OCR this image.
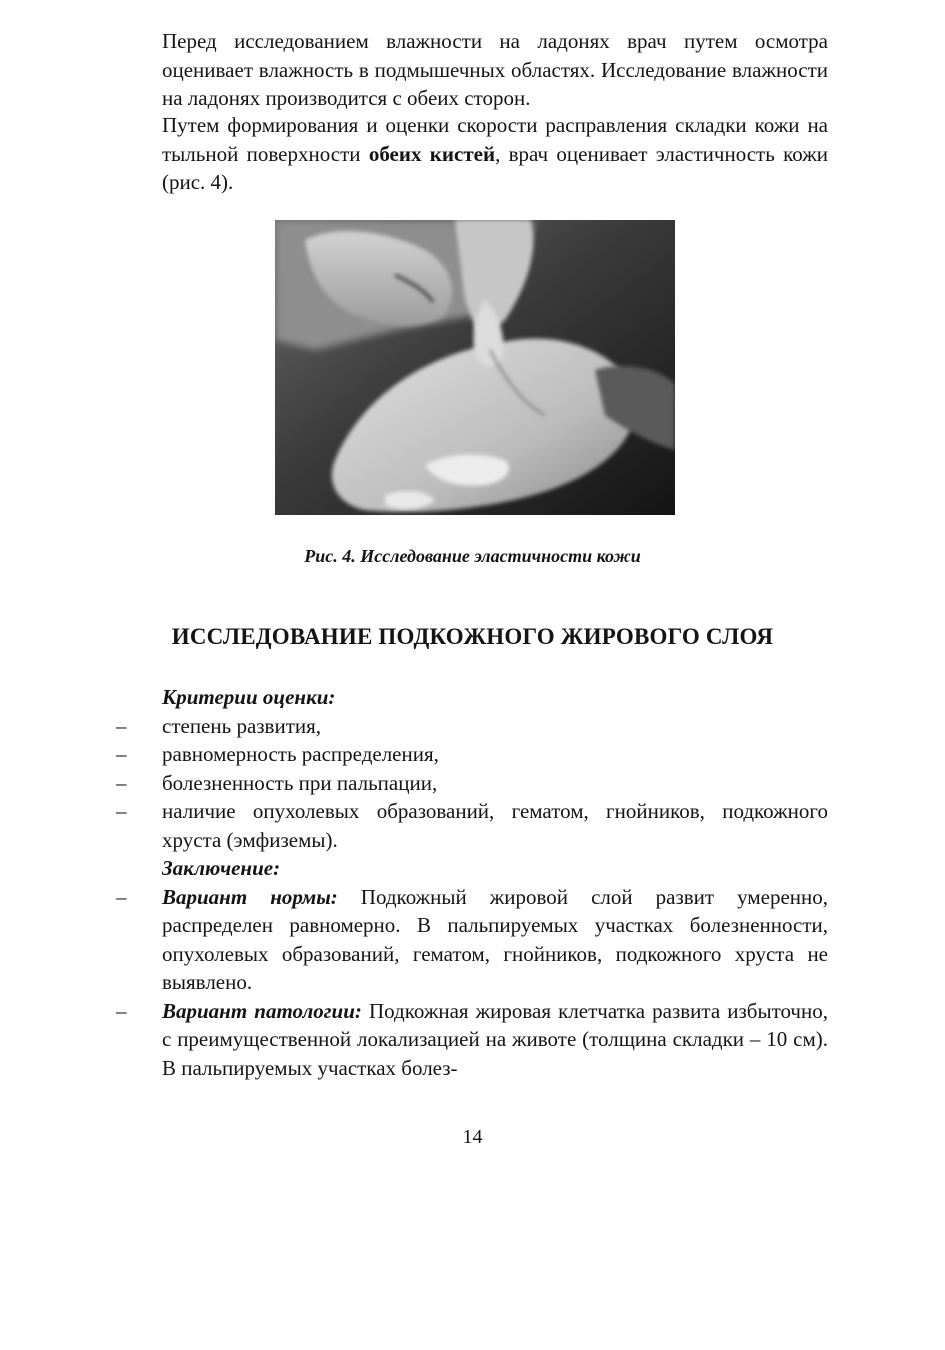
Перед исследованием влажности на ладонях врач путем осмотра оценивает влажность в подмышечных областях. Исследование влажности на ладонях производится с обеих сторон.

Путем формирования и оценки скорости расправления складки кожи на тыльной поверхности обеих кистей, врач оценивает эластичность кожи (рис. 4).

Рис. 4. Исследование эластичности кожи
ИССЛЕДОВАНИЕ ПОДКОЖНОГО ЖИРОВОГО СЛОЯ
Критерии оценки:
–	степень развития,
–	равномерность распределения,
–	болезненность при пальпации,
–	наличие опухолевых образований, гематом, гнойников, подкожного хруста (эмфиземы).
Заключение:
–	Вариант нормы: Подкожный жировой слой развит умеренно, распределен равномерно. В пальпируемых участках болезненности, опухолевых образований, гематом, гнойников, подкожного хруста не выявлено.
–	Вариант патологии: Подкожная жировая клетчатка развита избыточно, с преимущественной локализацией на животе (толщина складки – 10 см). В пальпируемых участках болез-
14
